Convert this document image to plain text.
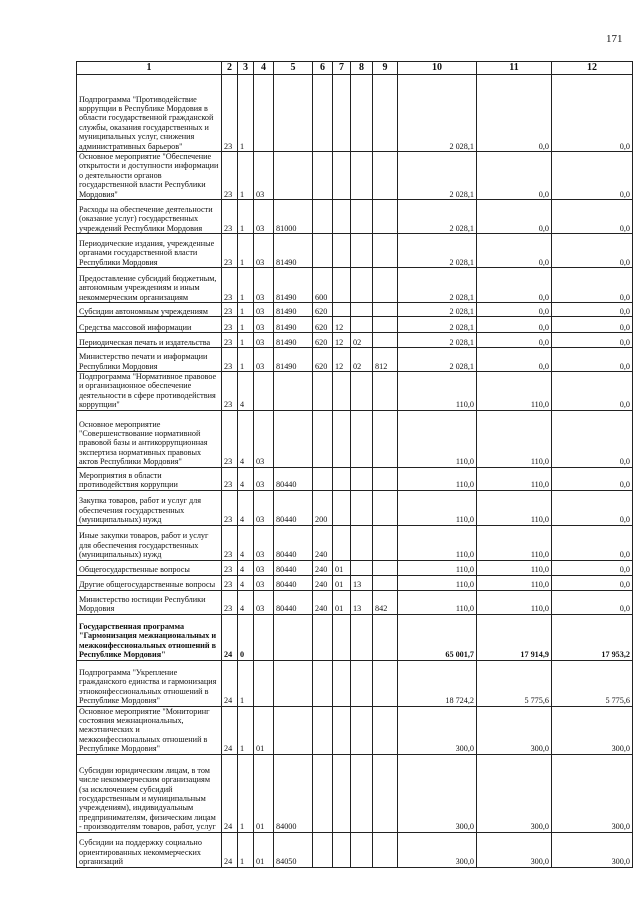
171
1	2	3	4	5	6	7	8	9	10	11	12
Подпрограмма "Противодействие коррупции в Республике Мордовия в области государственной гражданской службы, оказания государственных и муниципальных услуг, снижения административных барьеров"	23	1							2 028,1	0,0	0,0
Основное мероприятие "Обеспечение открытости и доступности информации о деятельности органов государственной власти Республики Мордовия"	23	1	03						2 028,1	0,0	0,0
Расходы на обеспечение деятельности (оказание услуг) государственных учреждений Республики Мордовия	23	1	03	81000					2 028,1	0,0	0,0
Периодические издания, учрежденные органами государственной власти Республики Мордовия	23	1	03	81490					2 028,1	0,0	0,0
Предоставление субсидий бюджетным, автономным учреждениям и иным некоммерческим организациям	23	1	03	81490	600				2 028,1	0,0	0,0
Субсидии автономным учреждениям	23	1	03	81490	620				2 028,1	0,0	0,0
Средства массовой информации	23	1	03	81490	620	12			2 028,1	0,0	0,0
Периодическая печать и издательства	23	1	03	81490	620	12	02		2 028,1	0,0	0,0
Министерство печати и информации Республики Мордовия	23	1	03	81490	620	12	02	812	2 028,1	0,0	0,0
Подпрограмма "Нормативное правовое и организационное обеспечение деятельности в сфере противодействия коррупции"	23	4							110,0	110,0	0,0
Основное мероприятие "Совершенствование нормативной правовой базы и антикоррупционная экспертиза нормативных правовых актов Республики Мордовия"	23	4	03						110,0	110,0	0,0
Мероприятия в области противодействия коррупции	23	4	03	80440					110,0	110,0	0,0
Закупка товаров, работ и услуг для обеспечения государственных (муниципальных) нужд	23	4	03	80440	200				110,0	110,0	0,0
Иные закупки товаров, работ и услуг для обеспечения государственных (муниципальных) нужд	23	4	03	80440	240				110,0	110,0	0,0
Общегосударственные вопросы	23	4	03	80440	240	01			110,0	110,0	0,0
Другие общегосударственные вопросы	23	4	03	80440	240	01	13		110,0	110,0	0,0
Министерство юстиции Республики Мордовия	23	4	03	80440	240	01	13	842	110,0	110,0	0,0
Государственная программа "Гармонизация межнациональных и межконфессиональных отношений в Республике Мордовия"	24	0							65 001,7	17 914,9	17 953,2
Подпрограмма "Укрепление гражданского единства и гармонизация этноконфессиональных отношений в Республике Мордовия"	24	1							18 724,2	5 775,6	5 775,6
Основное мероприятие "Мониторинг состояния межнациональных, межэтнических и межконфессиональных отношений в Республике Мордовия"	24	1	01						300,0	300,0	300,0
Субсидии юридическим лицам, в том числе некоммерческим организациям (за исключением субсидий государственным и муниципальным учреждениям), индивидуальным предпринимателям, физическим лицам - производителям товаров, работ, услуг	24	1	01	84000					300,0	300,0	300,0
Субсидии на поддержку социально ориентированных некоммерческих организаций	24	1	01	84050					300,0	300,0	300,0
